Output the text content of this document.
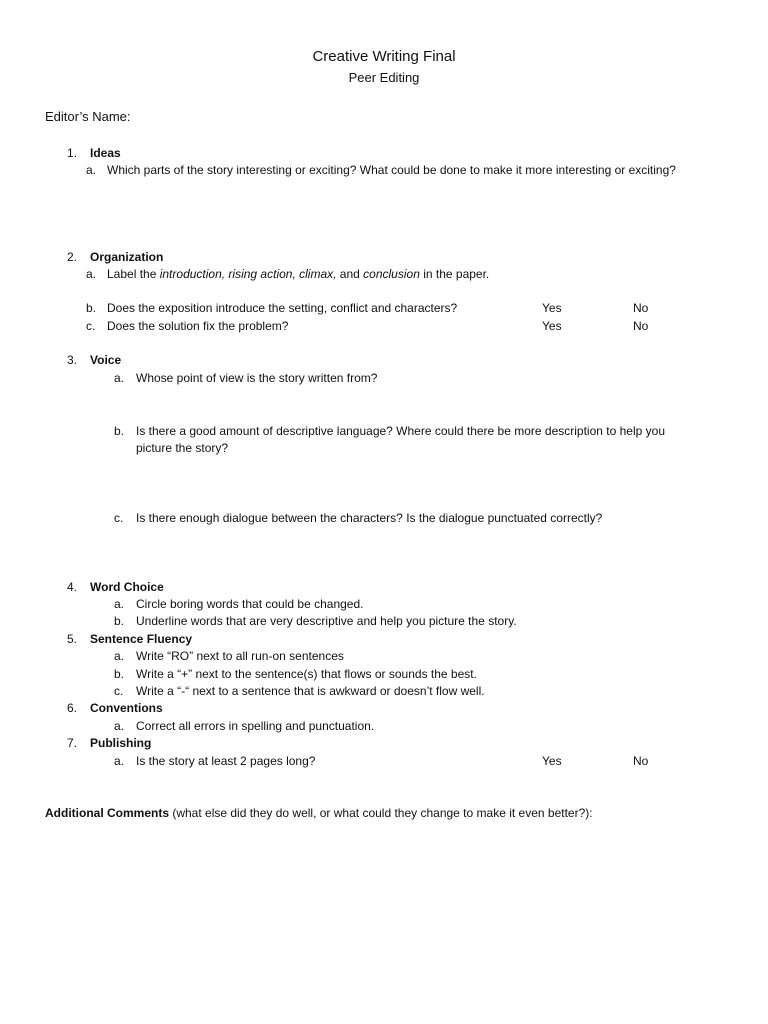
Creative Writing Final
Peer Editing
Editor’s Name:
1. Ideas
a. Which parts of the story interesting or exciting? What could be done to make it more interesting or exciting?
2. Organization
a. Label the introduction, rising action, climax, and conclusion in the paper.
b. Does the exposition introduce the setting, conflict and characters?	Yes	No
c. Does the solution fix the problem?	Yes	No
3. Voice
a. Whose point of view is the story written from?
b. Is there a good amount of descriptive language? Where could there be more description to help you
picture the story?
c. Is there enough dialogue between the characters? Is the dialogue punctuated correctly?
4. Word Choice
a. Circle boring words that could be changed.
b. Underline words that are very descriptive and help you picture the story.
5. Sentence Fluency
a. Write “RO” next to all run-on sentences
b. Write a “+” next to the sentence(s) that flows or sounds the best.
c. Write a “-“ next to a sentence that is awkward or doesn’t flow well.
6. Conventions
a. Correct all errors in spelling and punctuation.
7. Publishing
a. Is the story at least 2 pages long?	Yes	No
Additional Comments (what else did they do well, or what could they change to make it even better?):
